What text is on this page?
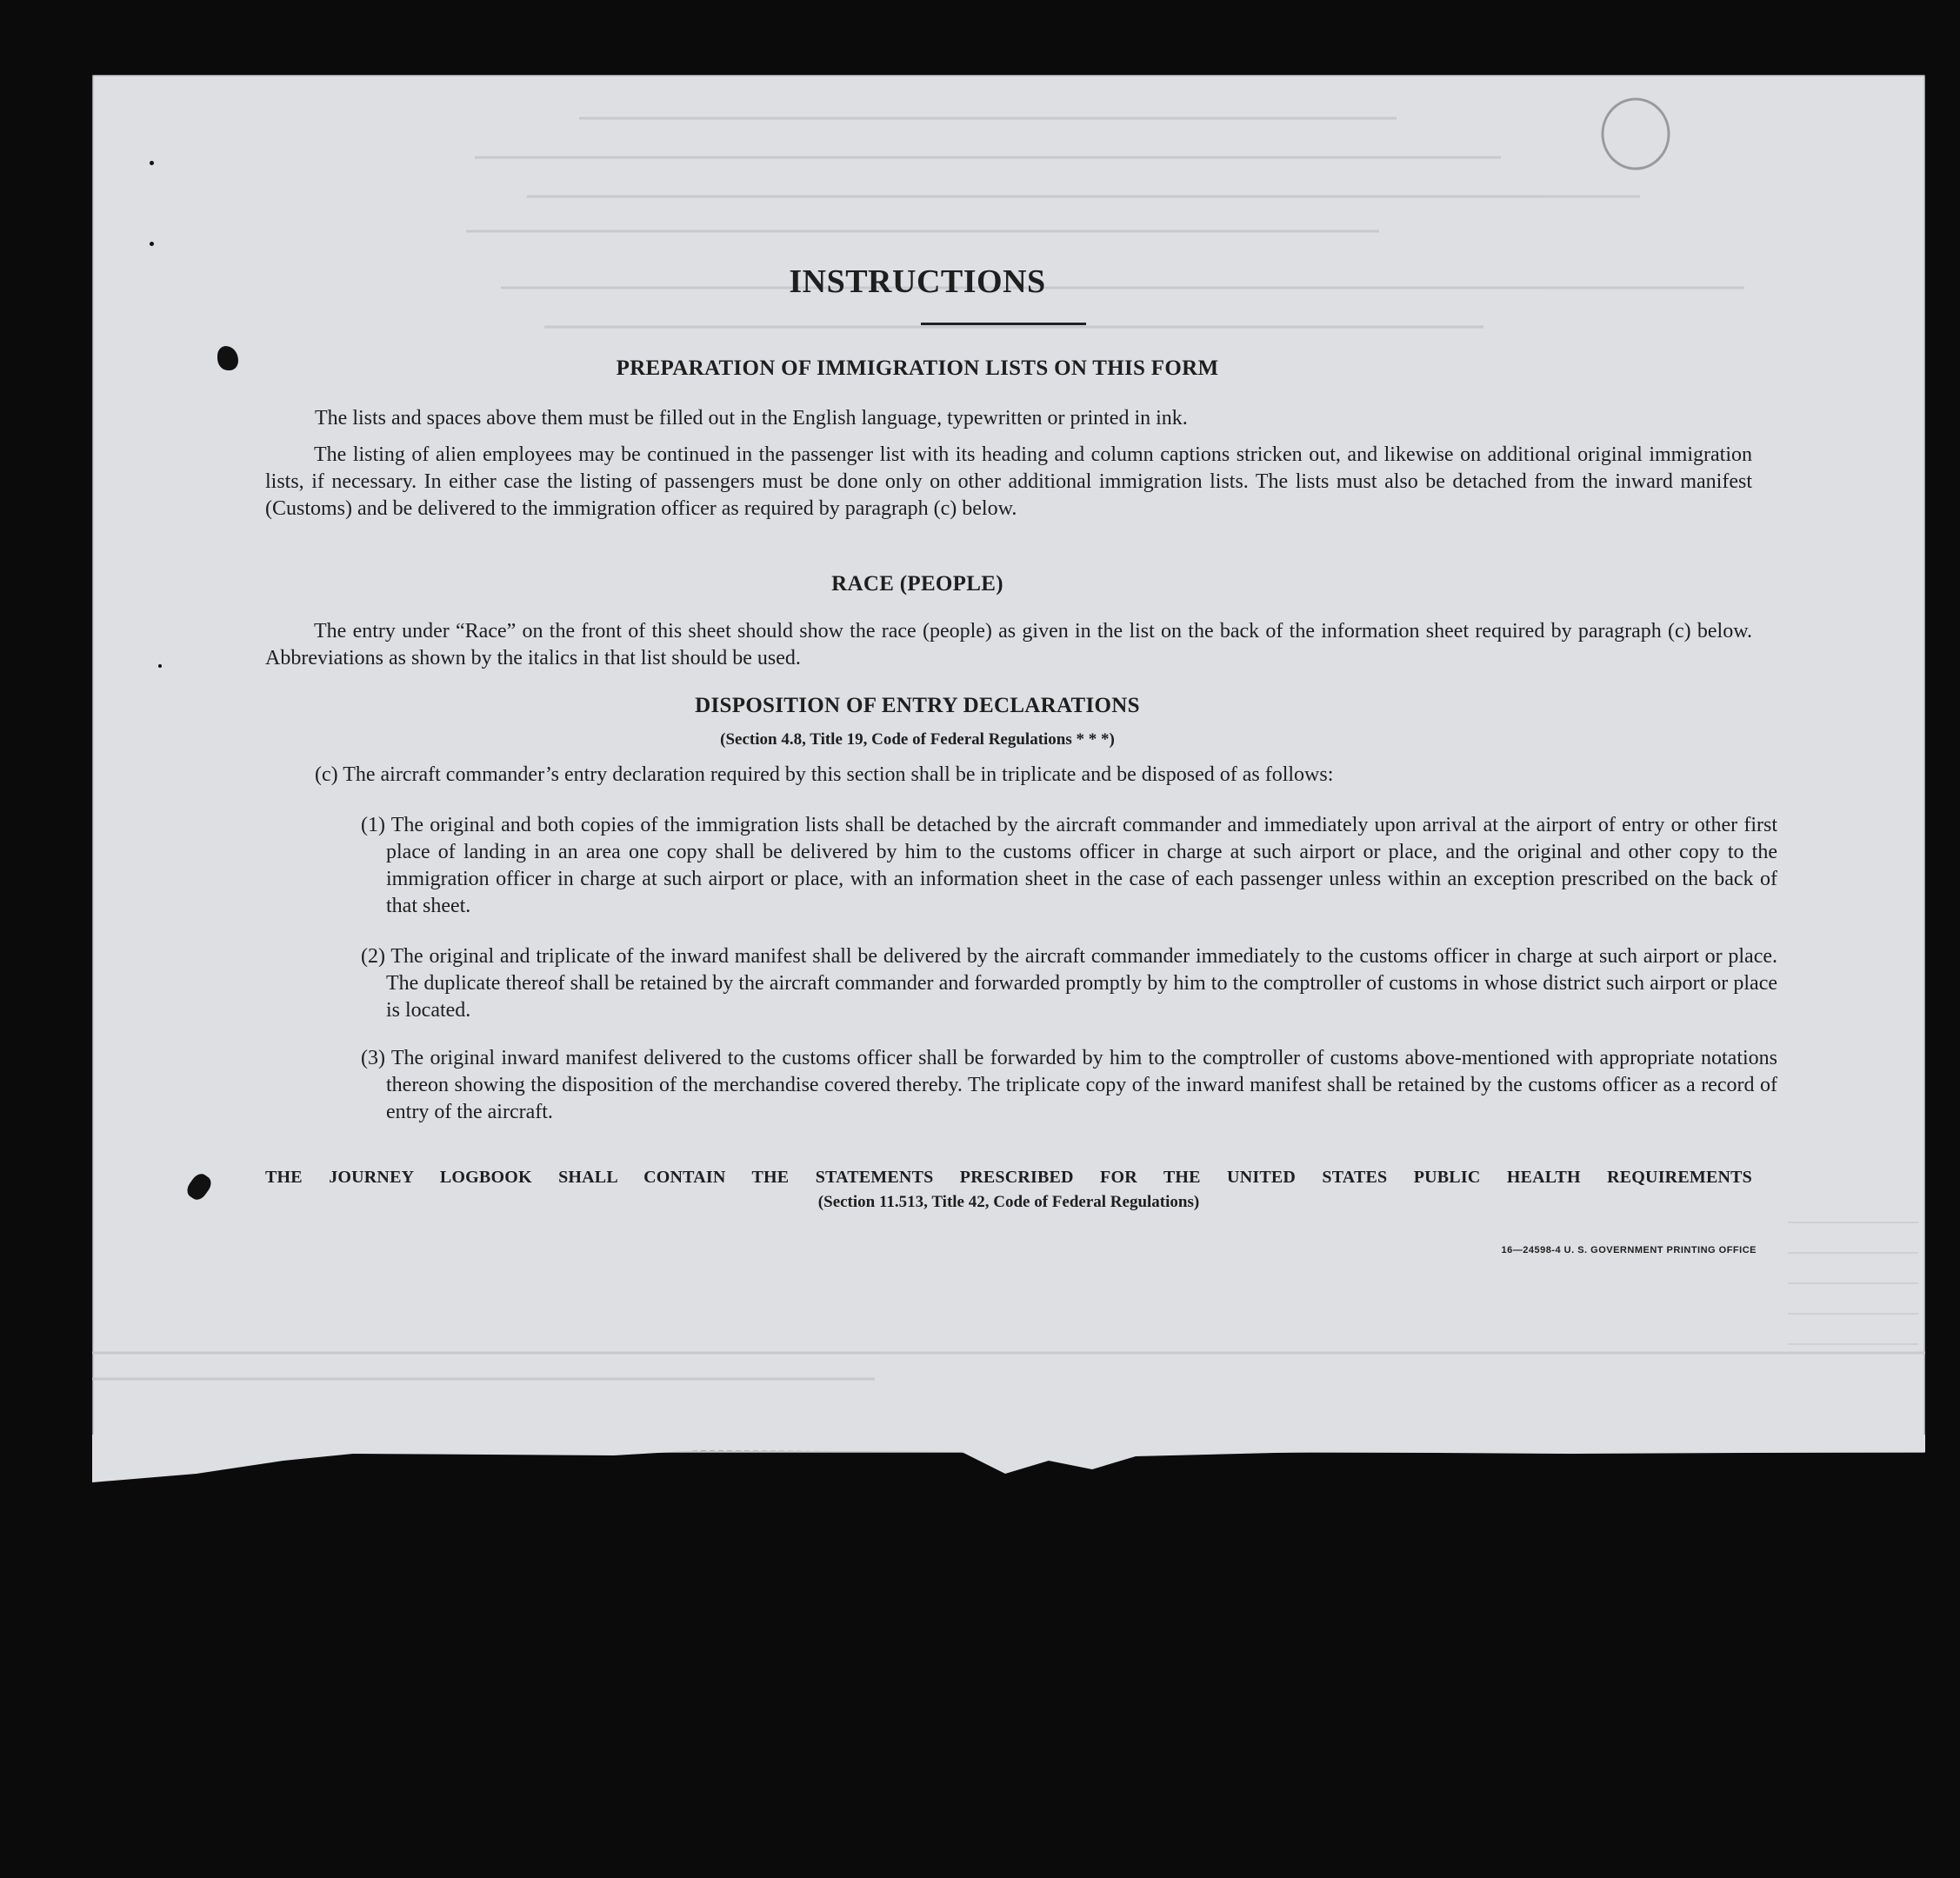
INSTRUCTIONS
PREPARATION OF IMMIGRATION LISTS ON THIS FORM
The lists and spaces above them must be filled out in the English language, typewritten or printed in ink.
The listing of alien employees may be continued in the passenger list with its heading and column captions stricken out, and likewise on additional original immigration lists, if necessary. In either case the listing of passengers must be done only on other additional immigration lists. The lists must also be detached from the inward manifest (Customs) and be delivered to the immigration officer as required by paragraph (c) below.
RACE (PEOPLE)
The entry under “Race” on the front of this sheet should show the race (people) as given in the list on the back of the information sheet required by paragraph (c) below. Abbreviations as shown by the italics in that list should be used.
DISPOSITION OF ENTRY DECLARATIONS
(Section 4.8, Title 19, Code of Federal Regulations * * *)
(c) The aircraft commander’s entry declaration required by this section shall be in triplicate and be disposed of as follows:
(1) The original and both copies of the immigration lists shall be detached by the aircraft commander and immediately upon arrival at the airport of entry or other first place of landing in an area one copy shall be delivered by him to the customs officer in charge at such airport or place, and the original and other copy to the immigration officer in charge at such airport or place, with an information sheet in the case of each passenger unless within an exception prescribed on the back of that sheet.
(2) The original and triplicate of the inward manifest shall be delivered by the aircraft commander immediately to the customs officer in charge at such airport or place. The duplicate thereof shall be retained by the aircraft commander and forwarded promptly by him to the comptroller of customs in whose district such airport or place is located.
(3) The original inward manifest delivered to the customs officer shall be forwarded by him to the comptroller of customs above-mentioned with appropriate notations thereon showing the disposition of the merchandise covered thereby. The triplicate copy of the inward manifest shall be retained by the customs officer as a record of entry of the aircraft.
THE JOURNEY LOGBOOK SHALL CONTAIN THE STATEMENTS PRESCRIBED FOR THE UNITED STATES PUBLIC HEALTH REQUIREMENTS
(Section 11.513, Title 42, Code of Federal Regulations)
16—24598-4 U. S. GOVERNMENT PRINTING OFFICE
